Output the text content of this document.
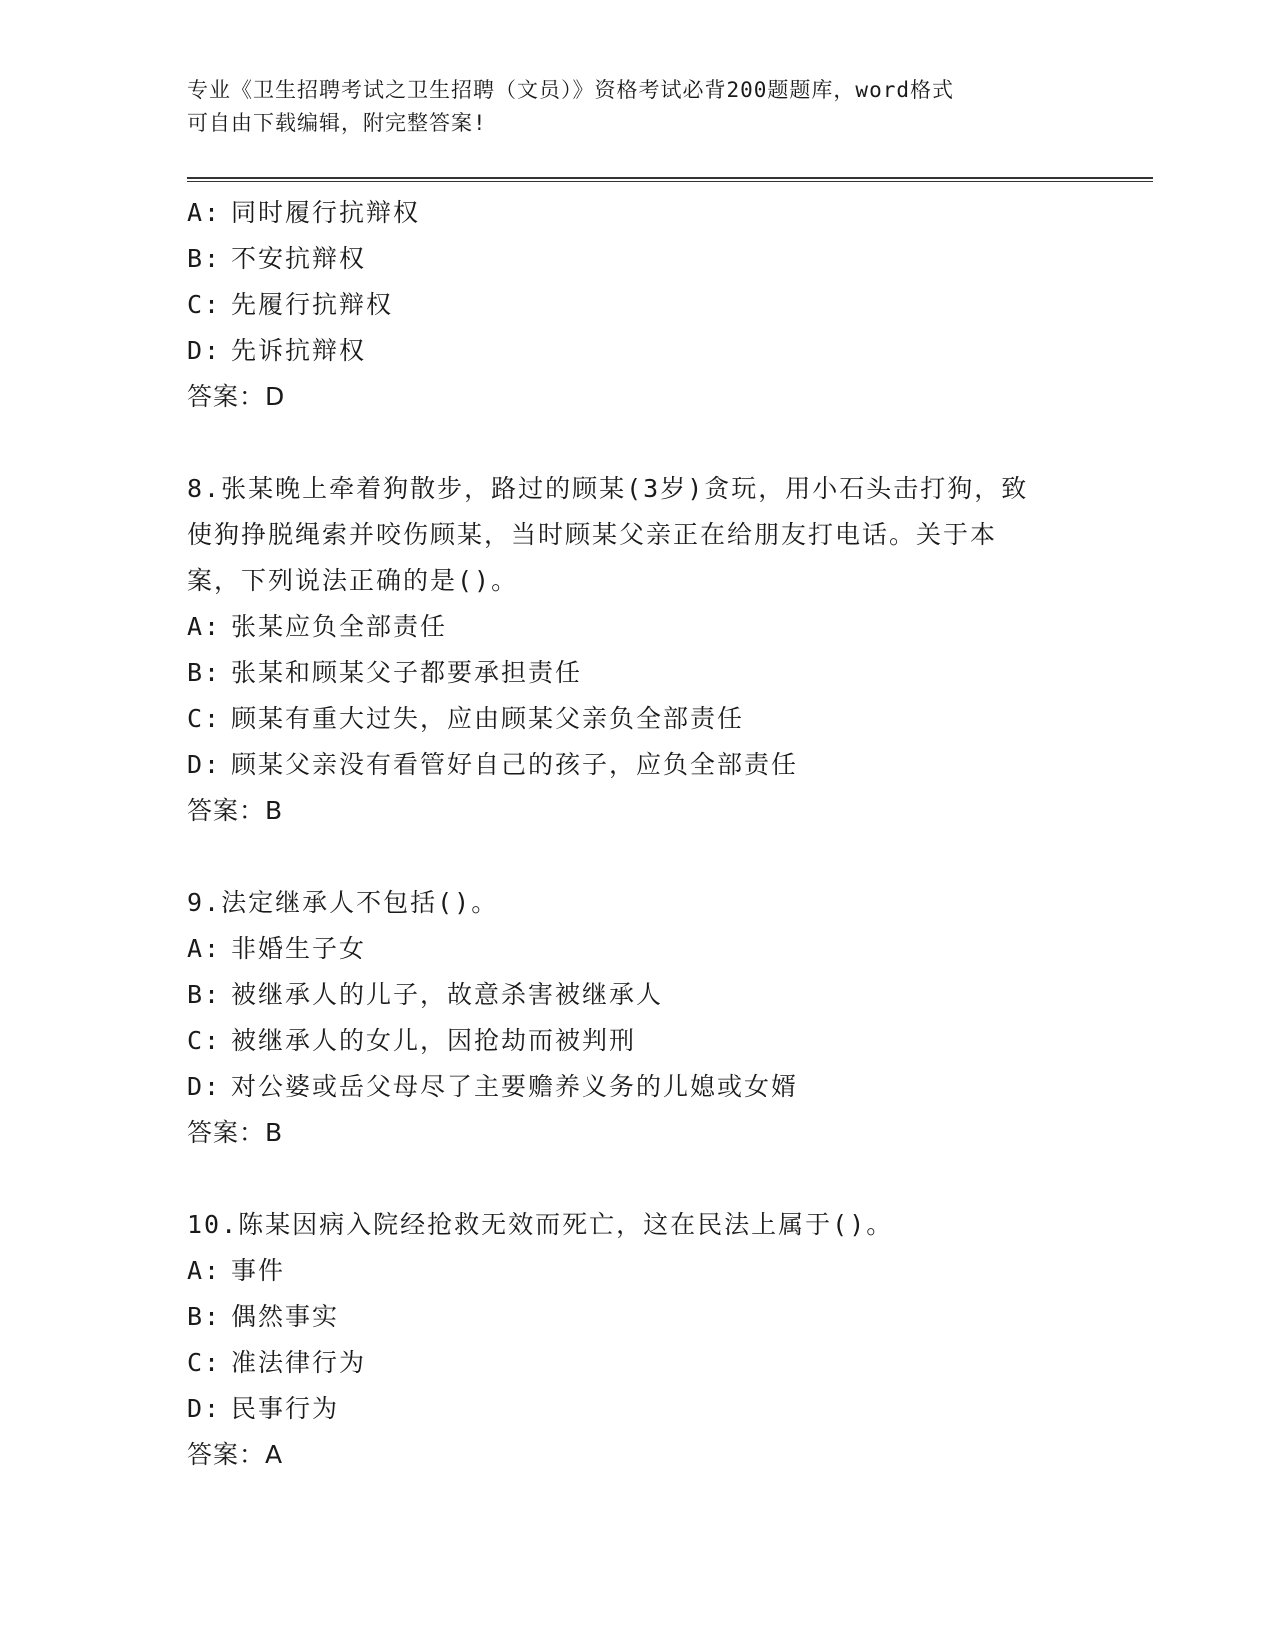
专业《卫生招聘考试之卫生招聘（文员）》资格考试必背200题题库，word格式
可自由下载编辑，附完整答案!
A: 同时履行抗辩权
B: 不安抗辩权
C: 先履行抗辩权
D: 先诉抗辩权
答案：D
8.张某晚上牵着狗散步，路过的顾某(3岁)贪玩，用小石头击打狗，致
使狗挣脱绳索并咬伤顾某，当时顾某父亲正在给朋友打电话。关于本
案，下列说法正确的是()。
A: 张某应负全部责任
B: 张某和顾某父子都要承担责任
C: 顾某有重大过失，应由顾某父亲负全部责任
D: 顾某父亲没有看管好自己的孩子，应负全部责任
答案：B
9.法定继承人不包括()。
A: 非婚生子女
B: 被继承人的儿子，故意杀害被继承人
C: 被继承人的女儿，因抢劫而被判刑
D: 对公婆或岳父母尽了主要赡养义务的儿媳或女婿
答案：B
10.陈某因病入院经抢救无效而死亡，这在民法上属于()。
A: 事件
B: 偶然事实
C: 准法律行为
D: 民事行为
答案：A
